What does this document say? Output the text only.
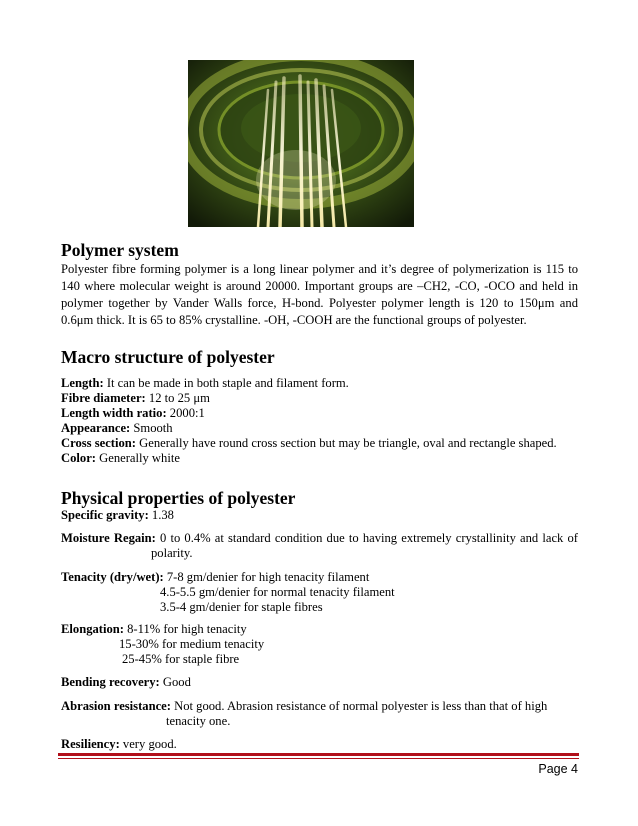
Polymer system
Polyester fibre forming polymer is a long linear polymer and it’s degree of polymerization is 115 to
140 where molecular weight is around 20000. Important groups are –CH2, -CO, -OCO and held in
polymer together by Vander Walls force, H-bond. Polyester polymer length is 120 to 150μm and
0.6μm thick. It is 65 to 85% crystalline. -OH, -COOH are the functional groups of polyester.
Macro structure of polyester
Length: It can be made in both staple and filament form.
Fibre diameter: 12 to 25 μm
Length width ratio: 2000:1
Appearance: Smooth
Cross section: Generally have round cross section but may be triangle, oval and rectangle shaped.
Color: Generally white
Physical properties of polyester
Specific gravity: 1.38
Moisture Regain: 0 to 0.4% at standard condition due to having extremely crystallinity and lack of
polarity.
Tenacity (dry/wet): 7-8 gm/denier for high tenacity filament
4.5-5.5 gm/denier for normal tenacity filament
3.5-4 gm/denier for staple fibres
Elongation: 8-11% for high tenacity
15-30% for medium tenacity
25-45% for staple fibre
Bending recovery: Good
Abrasion resistance: Not good. Abrasion resistance of normal polyester is less than that of high
tenacity one.
Resiliency: very good.
Page 4
